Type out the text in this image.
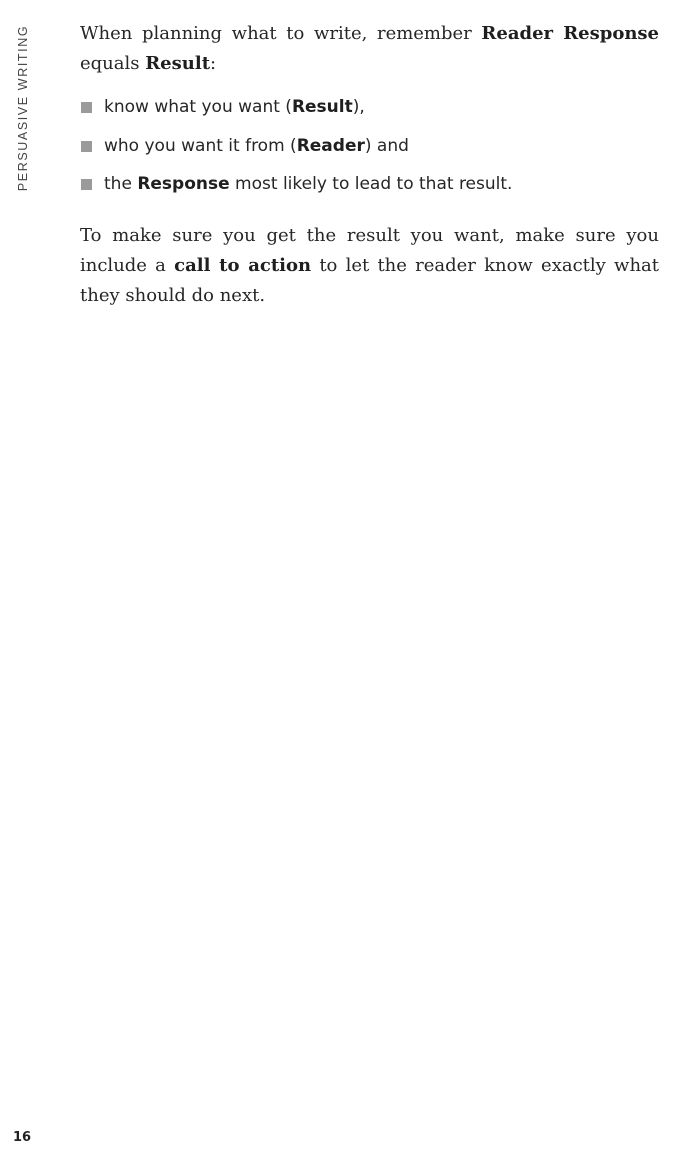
PERSUASIVE WRITING	When planning what to write, remember Reader Response equals Result:

know what you want (Result),
who you want it from (Reader) and
the Response most likely to lead to that result.

To make sure you get the result you want, make sure you include a call to action to let the reader know exactly what they should do next.

16
